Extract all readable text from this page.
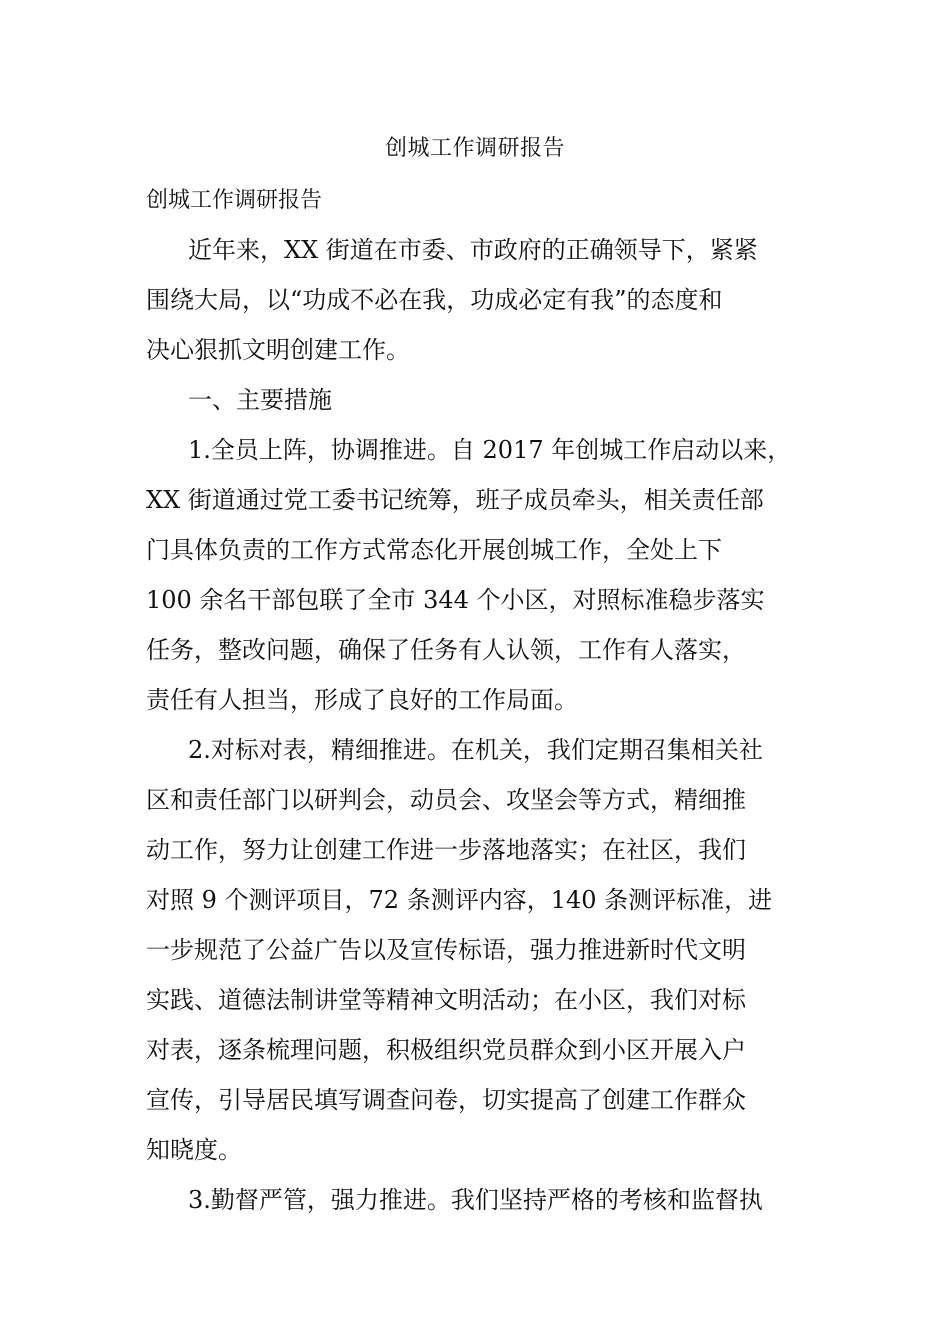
创城工作调研报告
创城工作调研报告
近年来，XX 街道在市委、市政府的正确领导下，紧紧
围绕大局，以“功成不必在我，功成必定有我”的态度和
决心狠抓文明创建工作。
一、主要措施
1.全员上阵，协调推进。自 2017 年创城工作启动以来，
XX 街道通过党工委书记统筹，班子成员牵头，相关责任部
门具体负责的工作方式常态化开展创城工作，全处上下
100 余名干部包联了全市 344 个小区，对照标准稳步落实
任务，整改问题，确保了任务有人认领，工作有人落实，
责任有人担当，形成了良好的工作局面。
2.对标对表，精细推进。在机关，我们定期召集相关社
区和责任部门以研判会，动员会、攻坚会等方式，精细推
动工作，努力让创建工作进一步落地落实；在社区，我们
对照 9 个测评项目，72 条测评内容，140 条测评标准，进
一步规范了公益广告以及宣传标语，强力推进新时代文明
实践、道德法制讲堂等精神文明活动；在小区，我们对标
对表，逐条梳理问题，积极组织党员群众到小区开展入户
宣传，引导居民填写调查问卷，切实提高了创建工作群众
知晓度。
3.勤督严管，强力推进。我们坚持严格的考核和监督执
